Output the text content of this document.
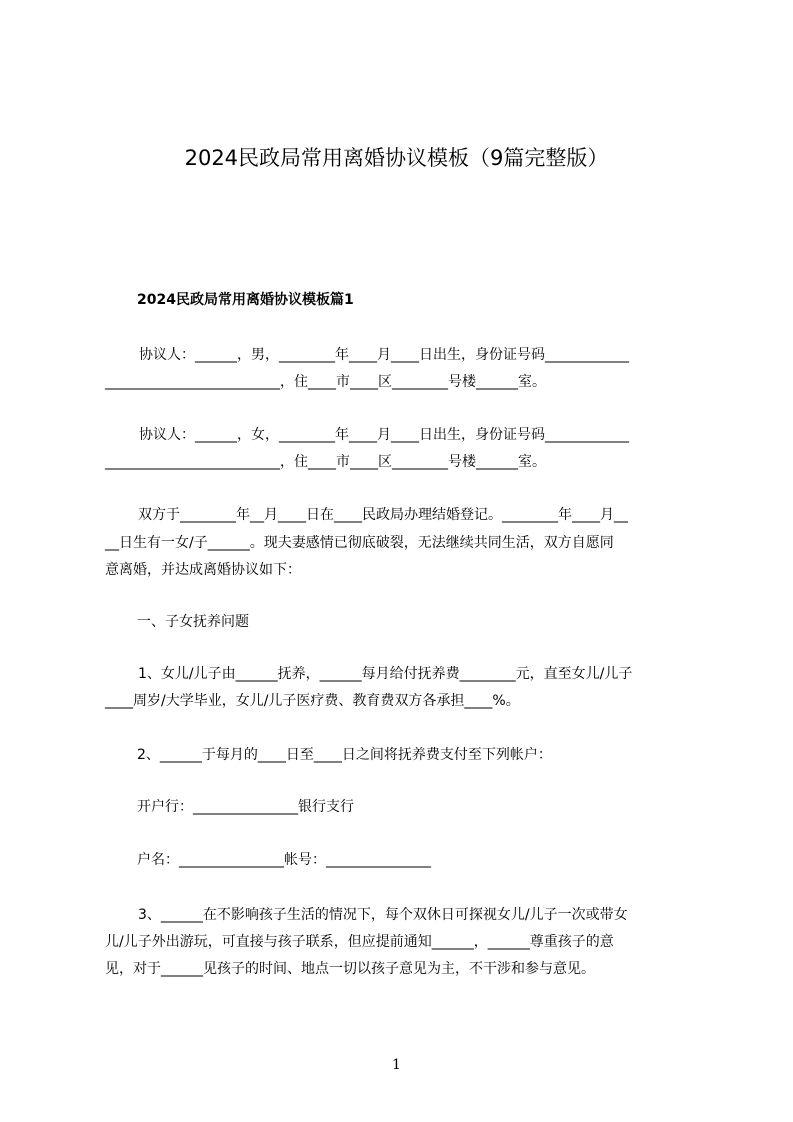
2024民政局常用离婚协议模板（9篇完整版）
2024民政局常用离婚协议模板篇1
协议人：______，男，________年____月____日出生，身份证号码____________
_________________________，住____市____区________号楼______室。
协议人：______，女，________年____月____日出生，身份证号码____________
_________________________，住____市____区________号楼______室。
双方于________年__月____日在____民政局办理结婚登记。________年____月__
__日生有一女/子______。现夫妻感情已彻底破裂，无法继续共同生活，双方自愿同
意离婚，并达成离婚协议如下：
一、子女抚养问题
1、女儿/儿子由______抚养，______每月给付抚养费________元，直至女儿/儿子
____周岁/大学毕业，女儿/儿子医疗费、教育费双方各承担____%。
2、______于每月的____日至____日之间将抚养费支付至下列帐户：
开户行：_______________银行支行
户名：_______________帐号：_______________
3、______在不影响孩子生活的情况下，每个双休日可探视女儿/儿子一次或带女
儿/儿子外出游玩，可直接与孩子联系，但应提前通知______，______尊重孩子的意
见，对于______见孩子的时间、地点一切以孩子意见为主，不干涉和参与意见。
1
